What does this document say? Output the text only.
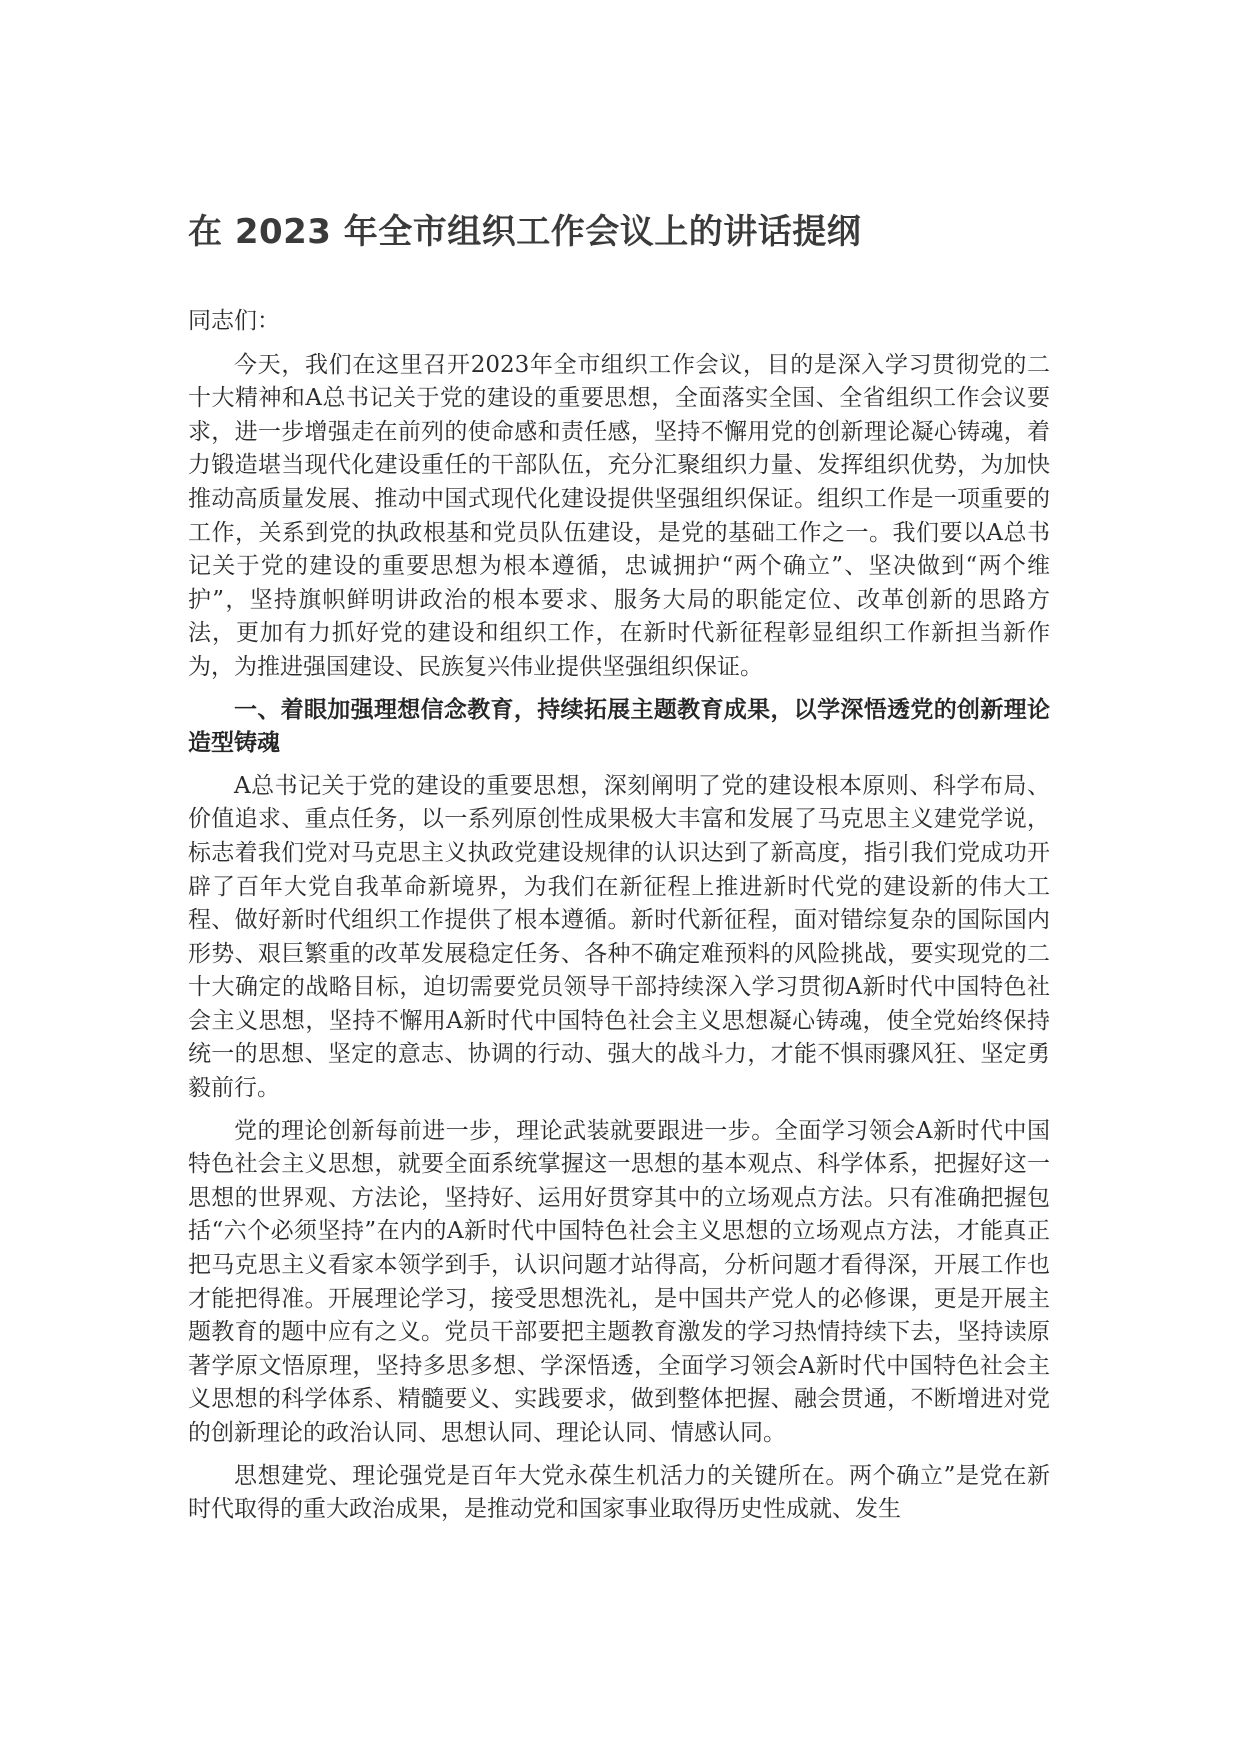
在 2023 年全市组织工作会议上的讲话提纲

同志们：

今天，我们在这里召开2023年全市组织工作会议，目的是深入学习贯彻党的二十大精神和A总书记关于党的建设的重要思想，全面落实全国、全省组织工作会议要求，进一步增强走在前列的使命感和责任感，坚持不懈用党的创新理论凝心铸魂，着力锻造堪当现代化建设重任的干部队伍，充分汇聚组织力量、发挥组织优势，为加快推动高质量发展、推动中国式现代化建设提供坚强组织保证。组织工作是一项重要的工作，关系到党的执政根基和党员队伍建设，是党的基础工作之一。我们要以A总书记关于党的建设的重要思想为根本遵循，忠诚拥护“两个确立”、坚决做到“两个维护”，坚持旗帜鲜明讲政治的根本要求、服务大局的职能定位、改革创新的思路方法，更加有力抓好党的建设和组织工作，在新时代新征程彰显组织工作新担当新作为，为推进强国建设、民族复兴伟业提供坚强组织保证。

一、着眼加强理想信念教育，持续拓展主题教育成果，以学深悟透党的创新理论造型铸魂

A总书记关于党的建设的重要思想，深刻阐明了党的建设根本原则、科学布局、价值追求、重点任务，以一系列原创性成果极大丰富和发展了马克思主义建党学说，标志着我们党对马克思主义执政党建设规律的认识达到了新高度，指引我们党成功开辟了百年大党自我革命新境界，为我们在新征程上推进新时代党的建设新的伟大工程、做好新时代组织工作提供了根本遵循。新时代新征程，面对错综复杂的国际国内形势、艰巨繁重的改革发展稳定任务、各种不确定难预料的风险挑战，要实现党的二十大确定的战略目标，迫切需要党员领导干部持续深入学习贯彻A新时代中国特色社会主义思想，坚持不懈用A新时代中国特色社会主义思想凝心铸魂，使全党始终保持统一的思想、坚定的意志、协调的行动、强大的战斗力，才能不惧雨骤风狂、坚定勇毅前行。

党的理论创新每前进一步，理论武装就要跟进一步。全面学习领会A新时代中国特色社会主义思想，就要全面系统掌握这一思想的基本观点、科学体系，把握好这一思想的世界观、方法论，坚持好、运用好贯穿其中的立场观点方法。只有准确把握包括“六个必须坚持”在内的A新时代中国特色社会主义思想的立场观点方法，才能真正把马克思主义看家本领学到手，认识问题才站得高，分析问题才看得深，开展工作也才能把得准。开展理论学习，接受思想洗礼，是中国共产党人的必修课，更是开展主题教育的题中应有之义。党员干部要把主题教育激发的学习热情持续下去，坚持读原著学原文悟原理，坚持多思多想、学深悟透，全面学习领会A新时代中国特色社会主义思想的科学体系、精髓要义、实践要求，做到整体把握、融会贯通，不断增进对党的创新理论的政治认同、思想认同、理论认同、情感认同。

思想建党、理论强党是百年大党永葆生机活力的关键所在。两个确立”是党在新时代取得的重大政治成果，是推动党和国家事业取得历史性成就、发生
